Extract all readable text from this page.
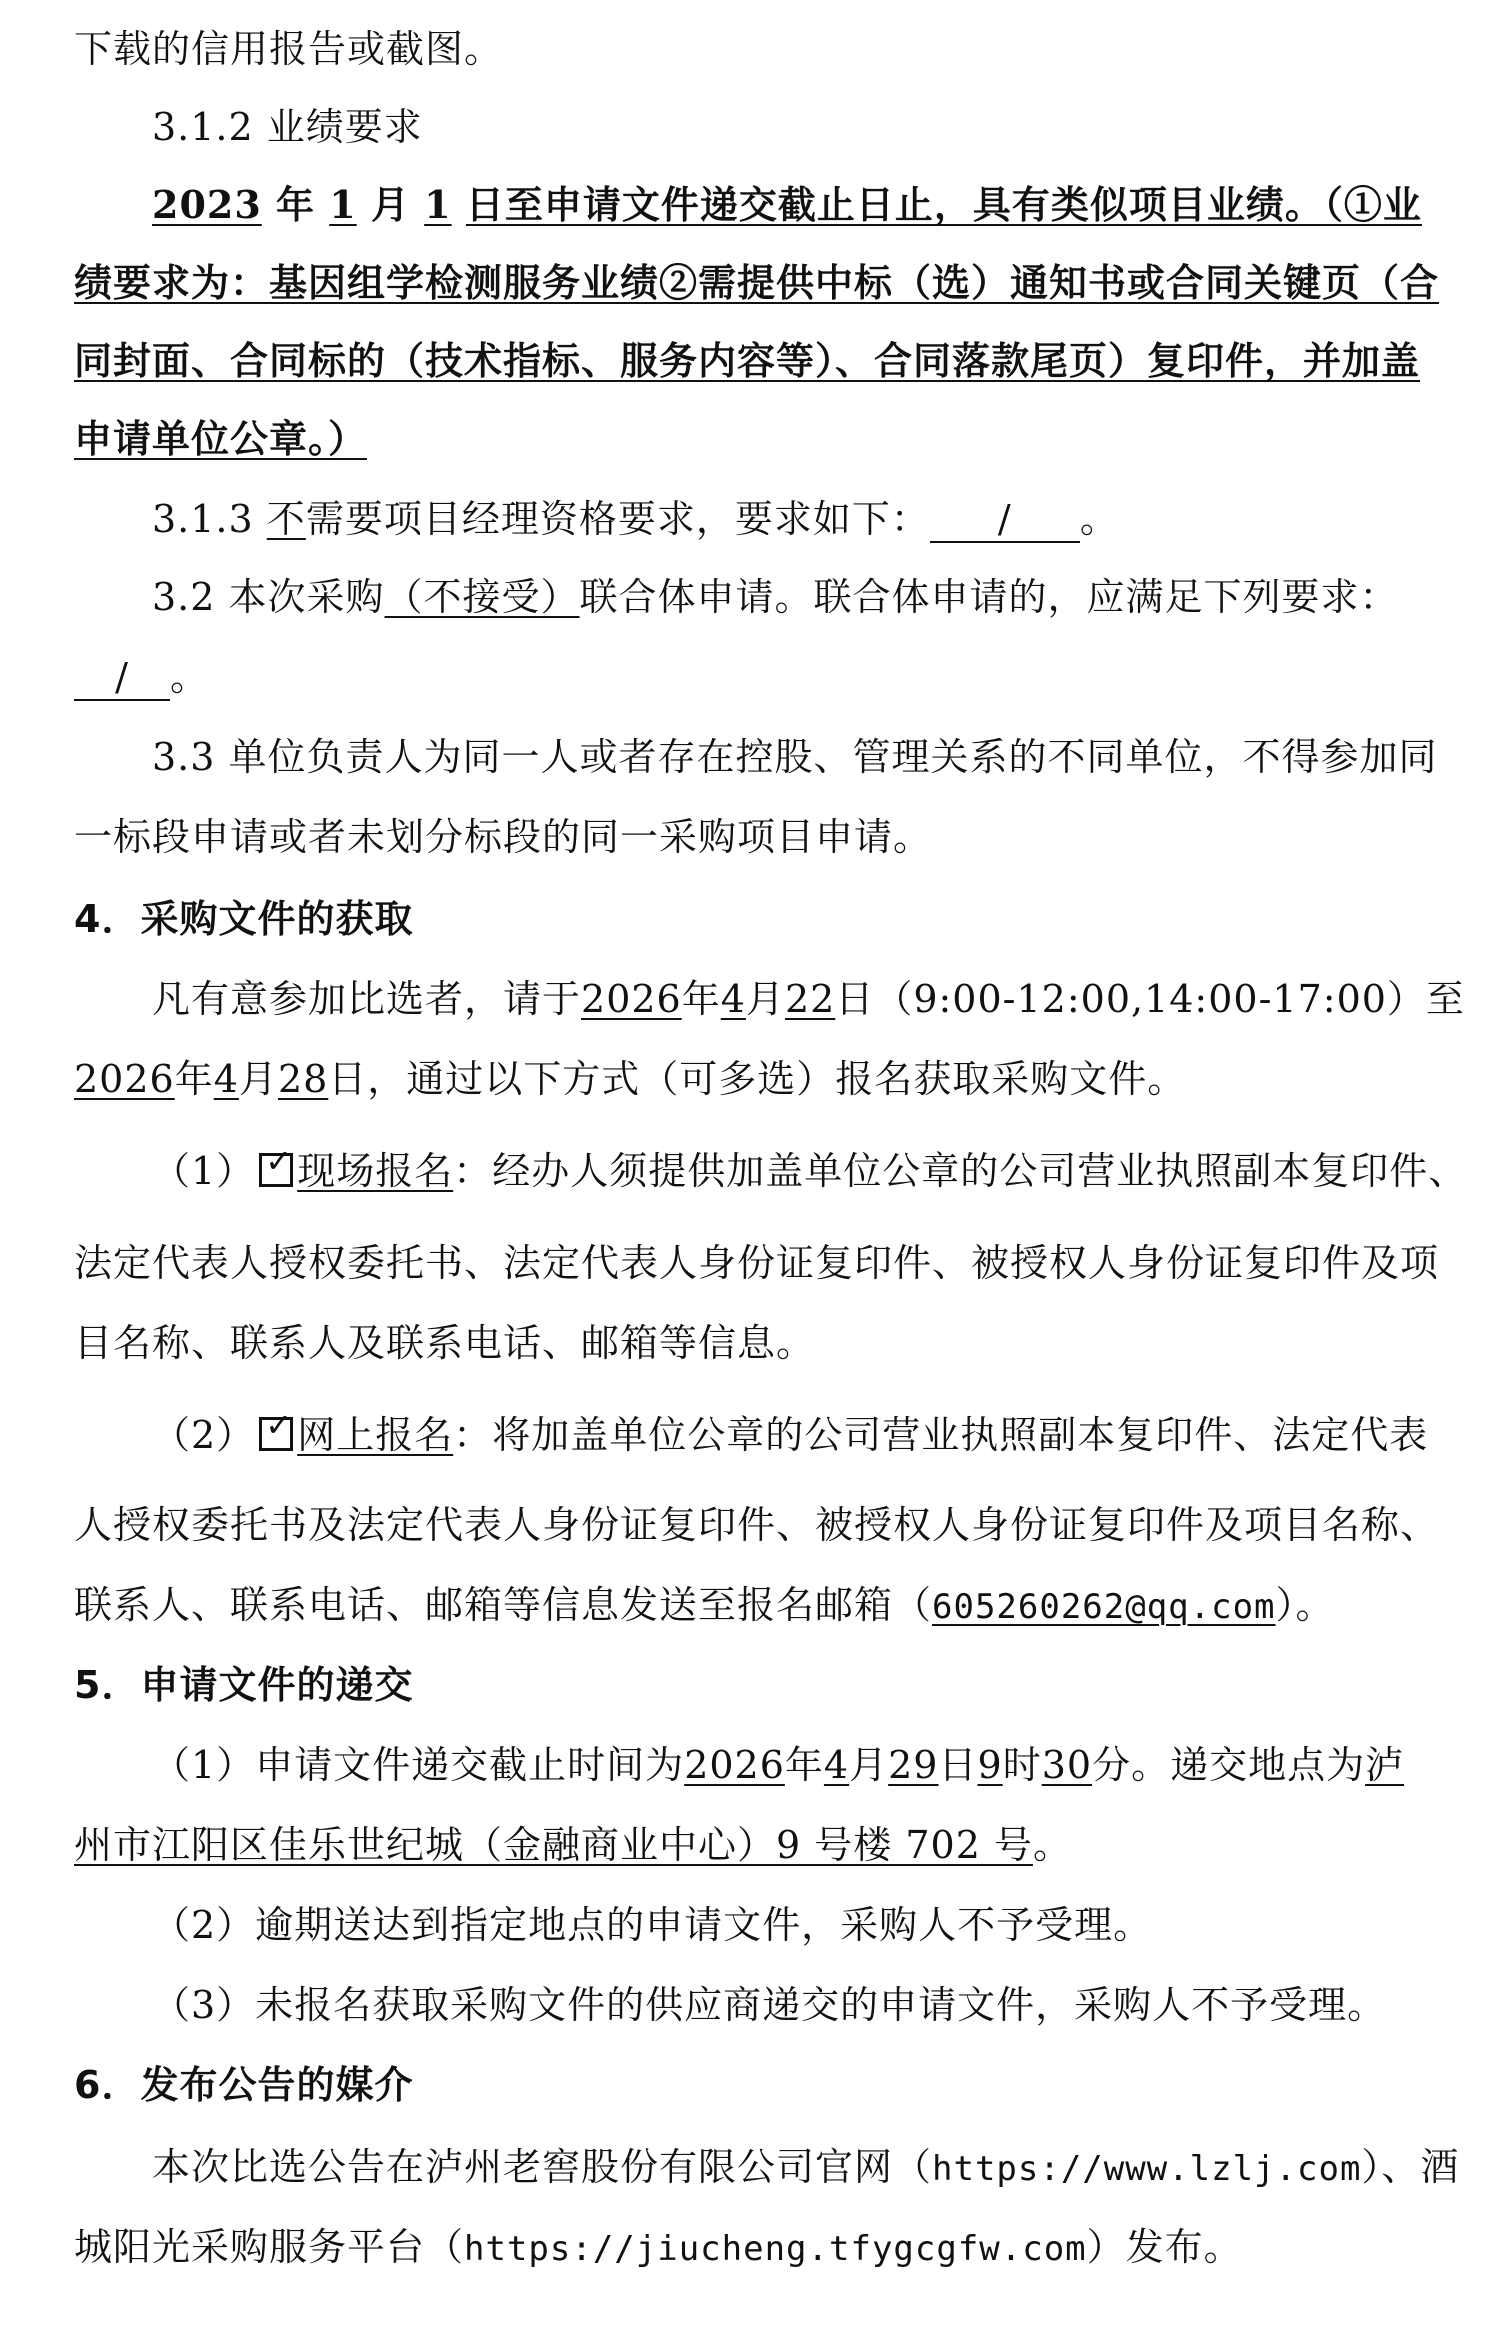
下载的信用报告或截图。
3.1.2 业绩要求
2023 年 1 月 1 日至申请文件递交截止日止，具有类似项目业绩。（①业
绩要求为：基因组学检测服务业绩②需提供中标（选）通知书或合同关键页（合
同封面、合同标的（技术指标、服务内容等）、合同落款尾页）复印件，并加盖
申请单位公章。）
3.1.3 不需要项目经理资格要求，要求如下： / 。
3.2 本次采购（不接受）联合体申请。联合体申请的，应满足下列要求：
/ 。
3.3 单位负责人为同一人或者存在控股、管理关系的不同单位，不得参加同
一标段申请或者未划分标段的同一采购项目申请。
4．采购文件的获取
凡有意参加比选者，请于2026年4月22日（9:00-12:00,14:00-17:00）至
2026年4月28日，通过以下方式（可多选）报名获取采购文件。
（1） ✓ 现场报名：经办人须提供加盖单位公章的公司营业执照副本复印件、
法定代表人授权委托书、法定代表人身份证复印件、被授权人身份证复印件及项
目名称、联系人及联系电话、邮箱等信息。
（2） ✓ 网上报名：将加盖单位公章的公司营业执照副本复印件、法定代表
人授权委托书及法定代表人身份证复印件、被授权人身份证复印件及项目名称、
联系人、联系电话、邮箱等信息发送至报名邮箱（605260262@qq.com）。
5．申请文件的递交
（1）申请文件递交截止时间为2026年4月29日9时30分。递交地点为泸
州市江阳区佳乐世纪城（金融商业中心）9 号楼 702 号。
（2）逾期送达到指定地点的申请文件，采购人不予受理。
（3）未报名获取采购文件的供应商递交的申请文件，采购人不予受理。
6．发布公告的媒介
本次比选公告在泸州老窖股份有限公司官网（https://www.lzlj.com）、酒
城阳光采购服务平台（https://jiucheng.tfygcgfw.com）发布。
